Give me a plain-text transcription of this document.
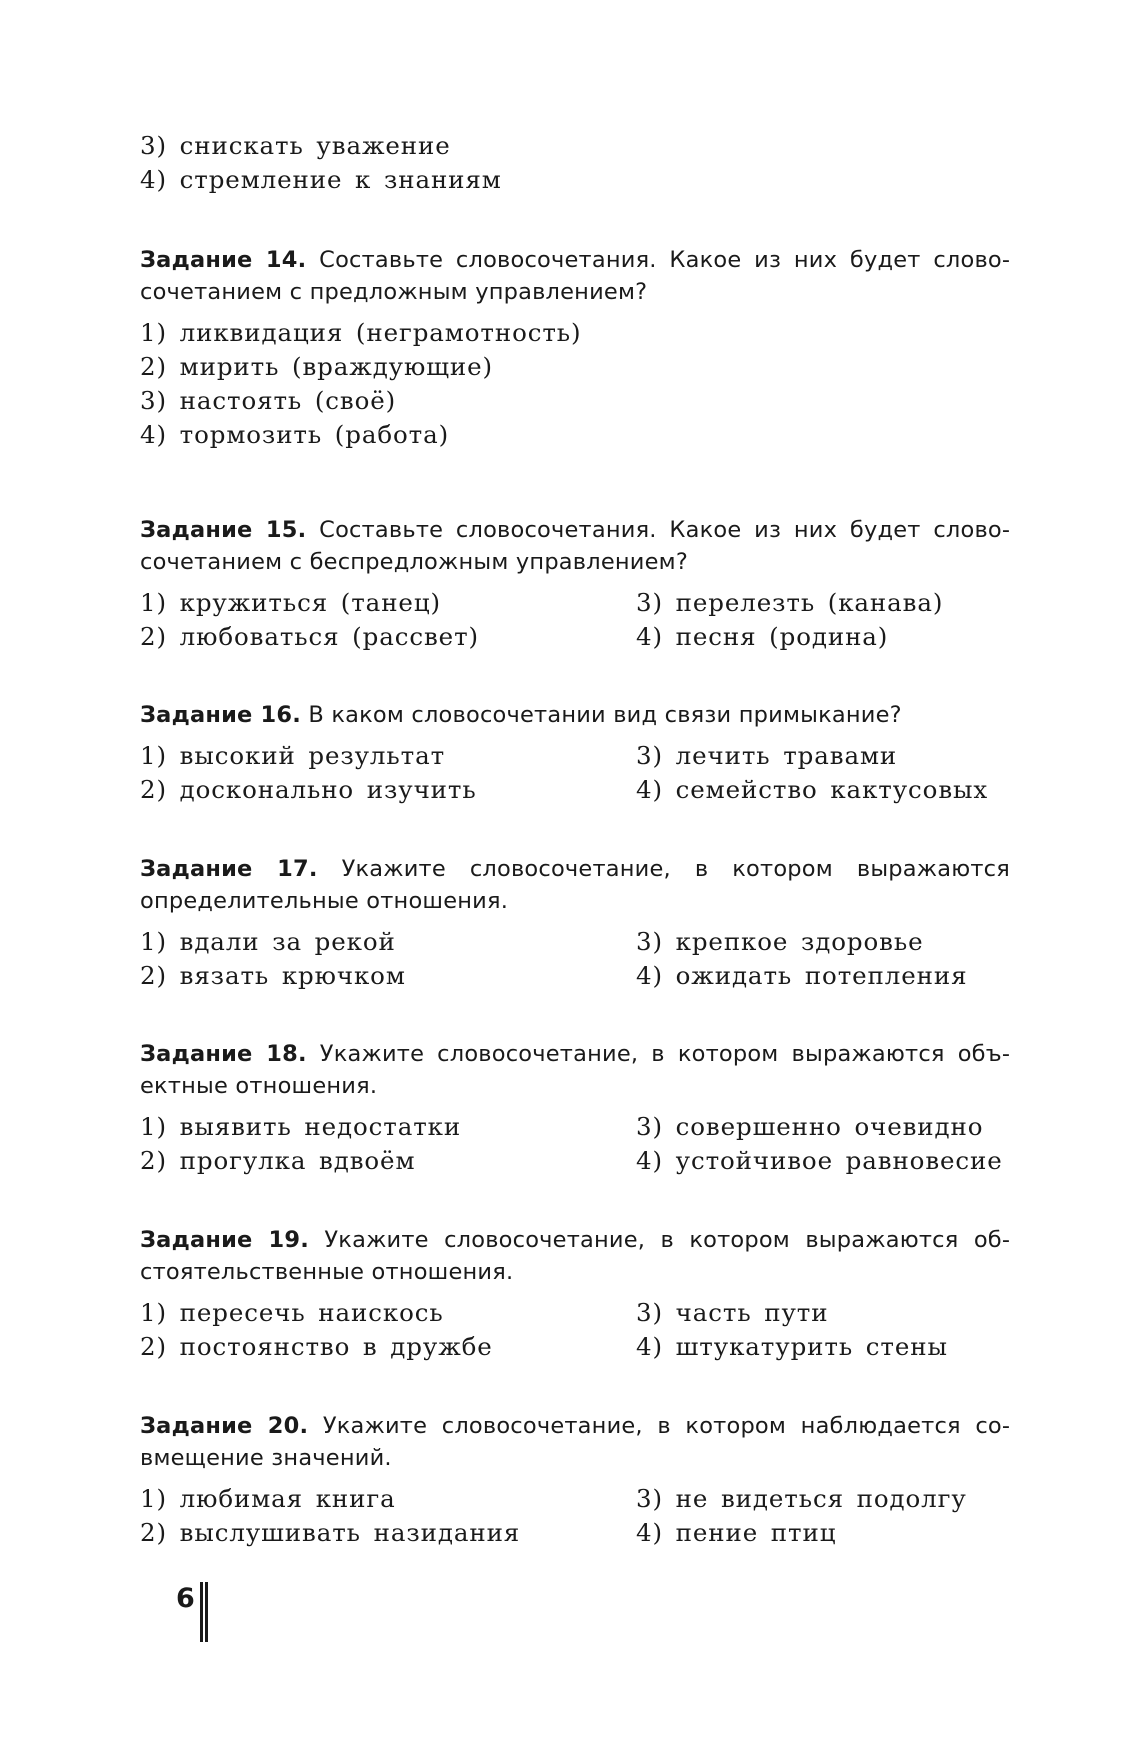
3) снискать уважение
4) стремление к знаниям

Задание 14. Составьте словосочетания. Какое из них будет словосочетанием с предложным управлением?

1) ликвидация (неграмотность)
2) мирить (враждующие)
3) настоять (своё)
4) тормозить (работа)

Задание 15. Составьте словосочетания. Какое из них будет словосочетанием с беспредложным управлением?

1) кружиться (танец)	3) перелезть (канава)
2) любоваться (рассвет)	4) песня (родина)

Задание 16. В каком словосочетании вид связи примыкание?

1) высокий результат	3) лечить травами
2) досконально изучить	4) семейство кактусовых

Задание 17. Укажите словосочетание, в котором выражаются определительные отношения.

1) вдали за рекой	3) крепкое здоровье
2) вязать крючком	4) ожидать потепления

Задание 18. Укажите словосочетание, в котором выражаются объектные отношения.

1) выявить недостатки	3) совершенно очевидно
2) прогулка вдвоём	4) устойчивое равновесие

Задание 19. Укажите словосочетание, в котором выражаются обстоятельственные отношения.

1) пересечь наискось	3) часть пути
2) постоянство в дружбе	4) штукатурить стены

Задание 20. Укажите словосочетание, в котором наблюдается совмещение значений.

1) любимая книга	3) не видеться подолгу
2) выслушивать назидания	4) пение птиц
6
